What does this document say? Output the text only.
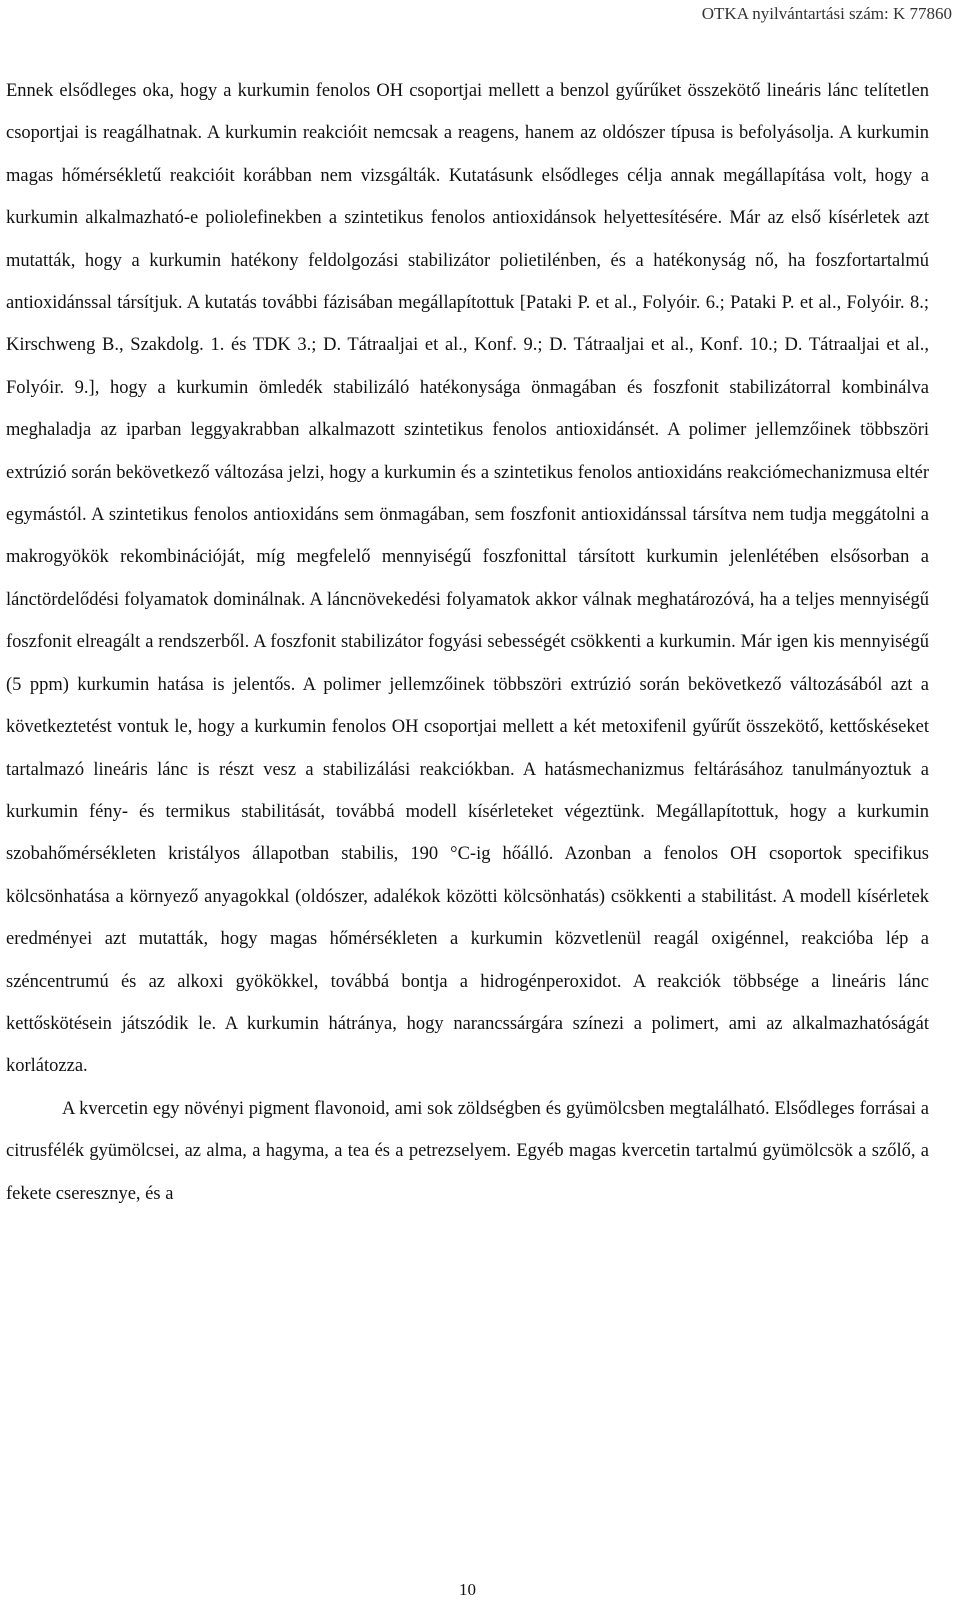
OTKA nyilvántartási szám: K 77860

Ennek elsődleges oka, hogy a kurkumin fenolos OH csoportjai mellett a benzol gyűrűket összekötő lineáris lánc telítetlen csoportjai is reagálhatnak. A kurkumin reakcióit nemcsak a reagens, hanem az oldószer típusa is befolyásolja. A kurkumin magas hőmérsékletű reakcióit korábban nem vizsgálták. Kutatásunk elsődleges célja annak megállapítása volt, hogy a kurkumin alkalmazható-e poliolefinekben a szintetikus fenolos antioxidánsok helyettesítésére. Már az első kísérletek azt mutatták, hogy a kurkumin hatékony feldolgozási stabilizátor polietilénben, és a hatékonyság nő, ha foszfortartalmú antioxidánssal társítjuk. A kutatás további fázisában megállapítottuk [Pataki P. et al., Folyóir. 6.; Pataki P. et al., Folyóir. 8.; Kirschweng B., Szakdolg. 1. és TDK 3.; D. Tátraaljai et al., Konf. 9.; D. Tátraaljai et al., Konf. 10.; D. Tátraaljai et al., Folyóir. 9.], hogy a kurkumin ömledék stabilizáló hatékonysága önmagában és foszfonit stabilizátorral kombinálva meghaladja az iparban leggyakrabban alkalmazott szintetikus fenolos antioxidánsét. A polimer jellemzőinek többszöri extrúzió során bekövetkező változása jelzi, hogy a kurkumin és a szintetikus fenolos antioxidáns reakciómechanizmusa eltér egymástól. A szintetikus fenolos antioxidáns sem önmagában, sem foszfonit antioxidánssal társítva nem tudja meggátolni a makrogyökök rekombinációját, míg megfelelő mennyiségű foszfonittal társított kurkumin jelenlétében elsősorban a lánctördelődési folyamatok dominálnak. A láncnövekedési folyamatok akkor válnak meghatározóvá, ha a teljes mennyiségű foszfonit elreagált a rendszerből. A foszfonit stabilizátor fogyási sebességét csökkenti a kurkumin. Már igen kis mennyiségű (5 ppm) kurkumin hatása is jelentős. A polimer jellemzőinek többszöri extrúzió során bekövetkező változásából azt a következtetést vontuk le, hogy a kurkumin fenolos OH csoportjai mellett a két metoxifenil gyűrűt összekötő, kettőskéseket tartalmazó lineáris lánc is részt vesz a stabilizálási reakciókban. A hatásmechanizmus feltárásához tanulmányoztuk a kurkumin fény- és termikus stabilitását, továbbá modell kísérleteket végeztünk. Megállapítottuk, hogy a kurkumin szobahőmérsékleten kristályos állapotban stabilis, 190 °C-ig hőálló. Azonban a fenolos OH csoportok specifikus kölcsönhatása a környező anyagokkal (oldószer, adalékok közötti kölcsönhatás) csökkenti a stabilitást. A modell kísérletek eredményei azt mutatták, hogy magas hőmérsékleten a kurkumin közvetlenül reagál oxigénnel, reakcióba lép a széncentrumú és az alkoxi gyökökkel, továbbá bontja a hidrogénperoxidot. A reakciók többsége a lineáris lánc kettőskötésein játszódik le. A kurkumin hátránya, hogy narancssárgára színezi a polimert, ami az alkalmazhatóságát korlátozza.

A kvercetin egy növényi pigment flavonoid, ami sok zöldségben és gyümölcsben megtalálható. Elsődleges forrásai a citrusfélék gyümölcsei, az alma, a hagyma, a tea és a petrezselyem. Egyéb magas kvercetin tartalmú gyümölcsök a szőlő, a fekete cseresznye, és a

10
